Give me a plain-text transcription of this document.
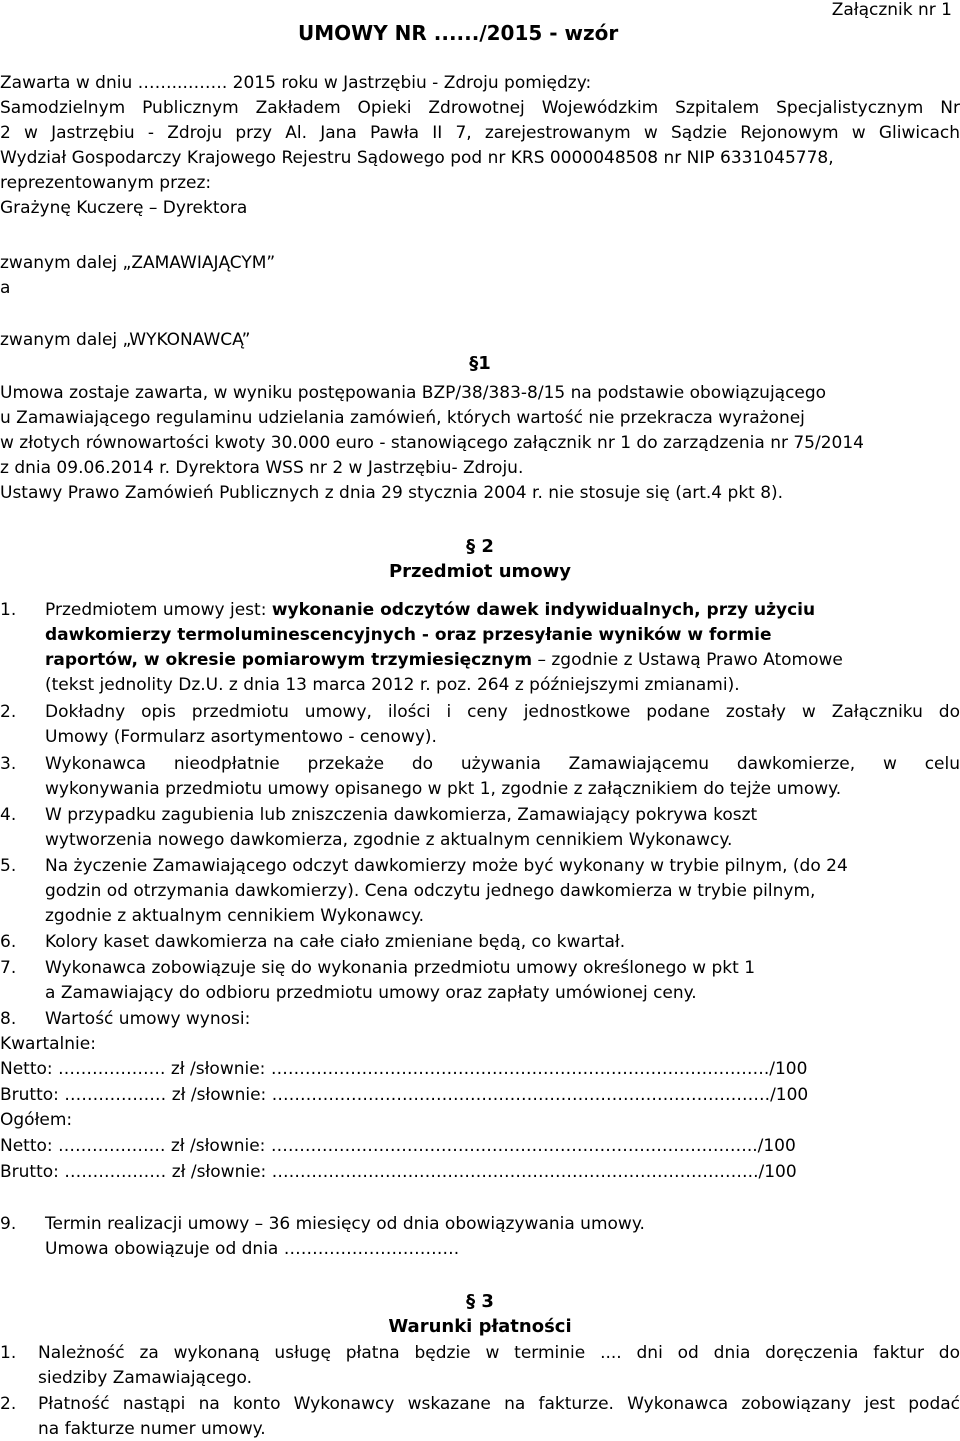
UMOWY NR ....../2015 - wzór
Załącznik nr 1
Zawarta w dniu ……...……. 2015 roku w Jastrzębiu - Zdroju pomiędzy:
Samodzielnym Publicznym Zakładem Opieki Zdrowotnej Wojewódzkim Szpitalem Specjalistycznym Nr
2 w Jastrzębiu - Zdroju przy Al. Jana Pawła II 7, zarejestrowanym w Sądzie Rejonowym w Gliwicach
Wydział Gospodarczy Krajowego Rejestru Sądowego pod nr KRS 0000048508 nr NIP 6331045778,
reprezentowanym przez:
Grażynę Kuczerę – Dyrektora
zwanym dalej „ZAMAWIAJĄCYM”
a
zwanym dalej „WYKONAWCĄ”
§1
Umowa zostaje zawarta, w wyniku postępowania BZP/38/383-8/15 na podstawie obowiązującego
u Zamawiającego regulaminu udzielania zamówień, których wartość nie przekracza wyrażonej
w złotych równowartości kwoty 30.000 euro - stanowiącego załącznik nr 1 do zarządzenia nr 75/2014
z dnia 09.06.2014 r. Dyrektora WSS nr 2 w Jastrzębiu- Zdroju.
Ustawy Prawo Zamówień Publicznych z dnia 29 stycznia 2004 r. nie stosuje się (art.4 pkt 8).
§ 2
Przedmiot umowy
1.	Przedmiotem umowy jest: wykonanie odczytów dawek indywidualnych, przy użyciu
dawkomierzy termoluminescencyjnych - oraz przesyłanie wyników w formie
raportów, w okresie pomiarowym trzymiesięcznym – zgodnie z Ustawą Prawo Atomowe
(tekst jednolity Dz.U. z dnia 13 marca 2012 r. poz. 264 z późniejszymi zmianami).
2.	Dokładny opis przedmiotu umowy, ilości i ceny jednostkowe podane zostały w Załączniku do
Umowy (Formularz asortymentowo - cenowy).
3.	Wykonawca nieodpłatnie przekaże do używania Zamawiającemu dawkomierze, w celu
wykonywania przedmiotu umowy opisanego w pkt 1, zgodnie z załącznikiem do tejże umowy.
4.	W przypadku zagubienia lub zniszczenia dawkomierza, Zamawiający pokrywa koszt
wytworzenia nowego dawkomierza, zgodnie z aktualnym cennikiem Wykonawcy.
5.	Na życzenie Zamawiającego odczyt dawkomierzy może być wykonany w trybie pilnym, (do 24
godzin od otrzymania dawkomierzy). Cena odczytu jednego dawkomierza w trybie pilnym,
zgodnie z aktualnym cennikiem Wykonawcy.
6.	Kolory kaset dawkomierza na całe ciało zmieniane będą, co kwartał.
7.	Wykonawca zobowiązuje się do wykonania przedmiotu umowy określonego w pkt 1
a Zamawiający do odbioru przedmiotu umowy oraz zapłaty umówionej ceny.
8.	Wartość umowy wynosi:
Kwartalnie:
Netto: ………………. zł /słownie: ……………………………………………………………………………./100
Brutto: ……………… zł /słownie: ……………………………………………………………………………./100
Ogółem:
Netto: ………………. zł /słownie: …………………………………………………………………………../100
Brutto: ……………… zł /słownie: …………………………………………………………………………../100
9.	Termin realizacji umowy – 36 miesięcy od dnia obowiązywania umowy.
Umowa obowiązuje od dnia ………………………….
§ 3
Warunki płatności
1.	Należność za wykonaną usługę płatna będzie w terminie .... dni od dnia doręczenia faktur do
siedziby Zamawiającego.
2.	Płatność nastąpi na konto Wykonawcy wskazane na fakturze. Wykonawca zobowiązany jest podać
na fakturze numer umowy.
